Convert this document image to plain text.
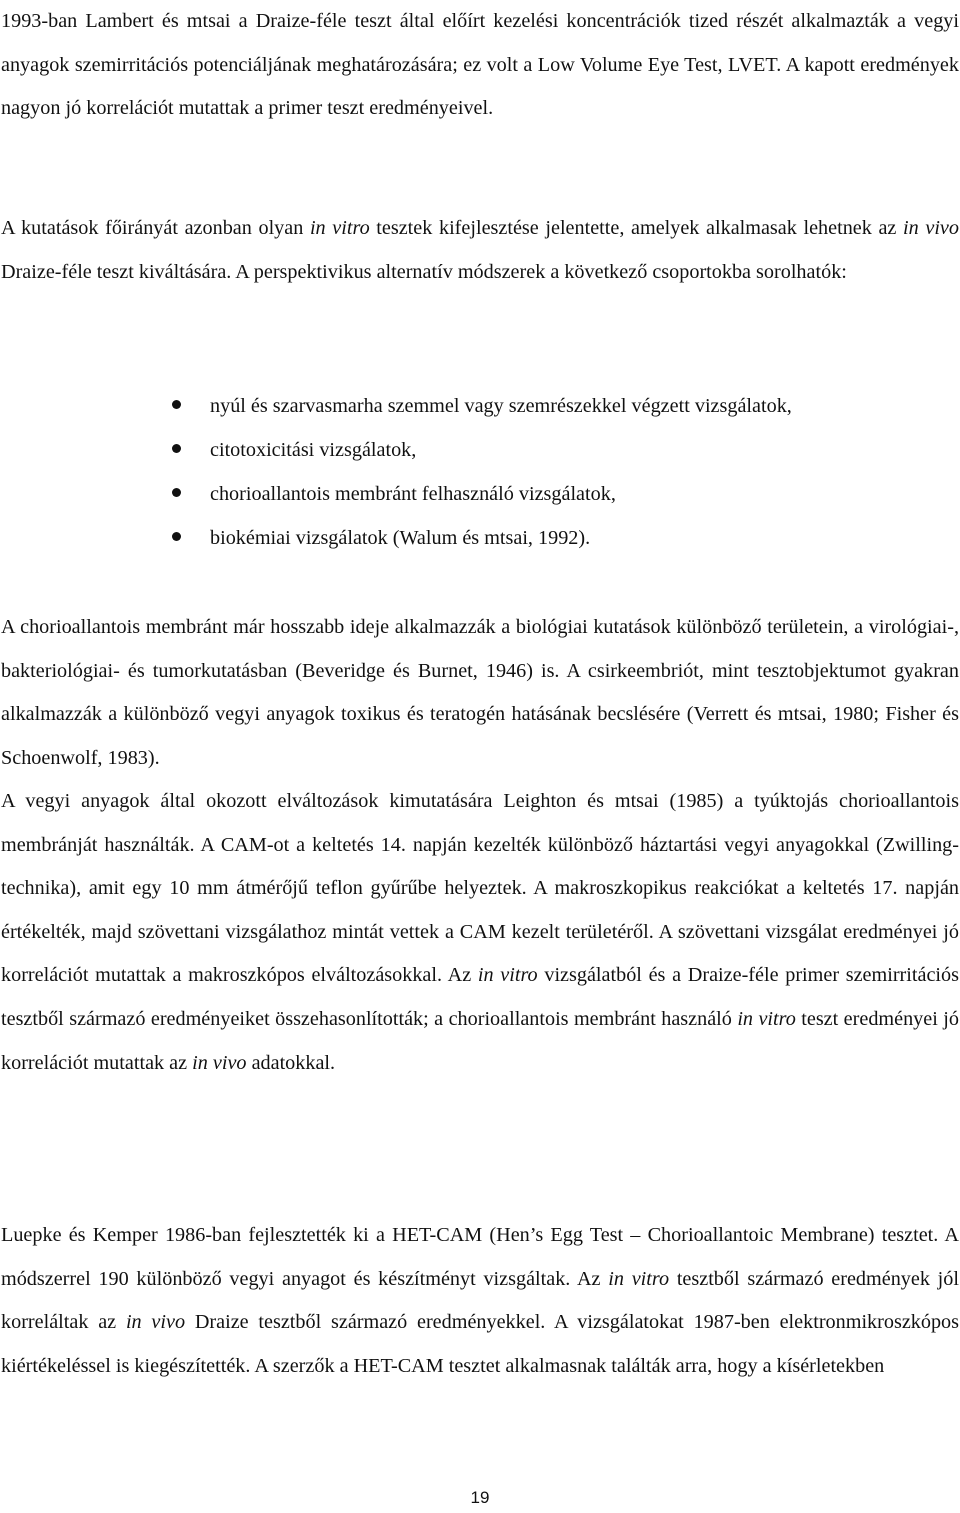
1993-ban Lambert és mtsai a Draize-féle teszt által előírt kezelési koncentrációk tized részét alkalmazták a vegyi anyagok szemirritációs potenciáljának meghatározására; ez volt a Low Volume Eye Test, LVET. A kapott eredmények nagyon jó korrelációt mutattak a primer teszt eredményeivel.

A kutatások főirányát azonban olyan in vitro tesztek kifejlesztése jelentette, amelyek alkalmasak lehetnek az in vivo Draize-féle teszt kiváltására. A perspektivikus alternatív módszerek a következő csoportokba sorolhatók:

nyúl és szarvasmarha szemmel vagy szemrészekkel végzett vizsgálatok,
citotoxicitási vizsgálatok,
chorioallantois membránt felhasználó vizsgálatok,
biokémiai vizsgálatok (Walum és mtsai, 1992).

A chorioallantois membránt már hosszabb ideje alkalmazzák a biológiai kutatások különböző területein, a virológiai-, bakteriológiai- és tumorkutatásban (Beveridge és Burnet, 1946) is. A csirkeembriót, mint tesztobjektumot gyakran alkalmazzák a különböző vegyi anyagok toxikus és teratogén hatásának becslésére (Verrett és mtsai, 1980; Fisher és Schoenwolf, 1983).

A vegyi anyagok által okozott elváltozások kimutatására Leighton és mtsai (1985) a tyúktojás chorioallantois membránját használták. A CAM-ot a keltetés 14. napján kezelték különböző háztartási vegyi anyagokkal (Zwilling-technika), amit egy 10 mm átmérőjű teflon gyűrűbe helyeztek. A makroszkopikus reakciókat a keltetés 17. napján értékelték, majd szövettani vizsgálathoz mintát vettek a CAM kezelt területéről. A szövettani vizsgálat eredményei jó korrelációt mutattak a makroszkópos elváltozásokkal. Az in vitro vizsgálatból és a Draize-féle primer szemirritációs tesztből származó eredményeiket összehasonlították; a chorioallantois membránt használó in vitro teszt eredményei jó korrelációt mutattak az in vivo adatokkal.

Luepke és Kemper 1986-ban fejlesztették ki a HET-CAM (Hen’s Egg Test – Chorioallantoic Membrane) tesztet. A módszerrel 190 különböző vegyi anyagot és készítményt vizsgáltak. Az in vitro tesztből származó eredmények jól korreláltak az in vivo Draize tesztből származó eredményekkel. A vizsgálatokat 1987-ben elektronmikroszkópos kiértékeléssel is kiegészítették. A szerzők a HET-CAM tesztet alkalmasnak találták arra, hogy a kísérletekben

19
